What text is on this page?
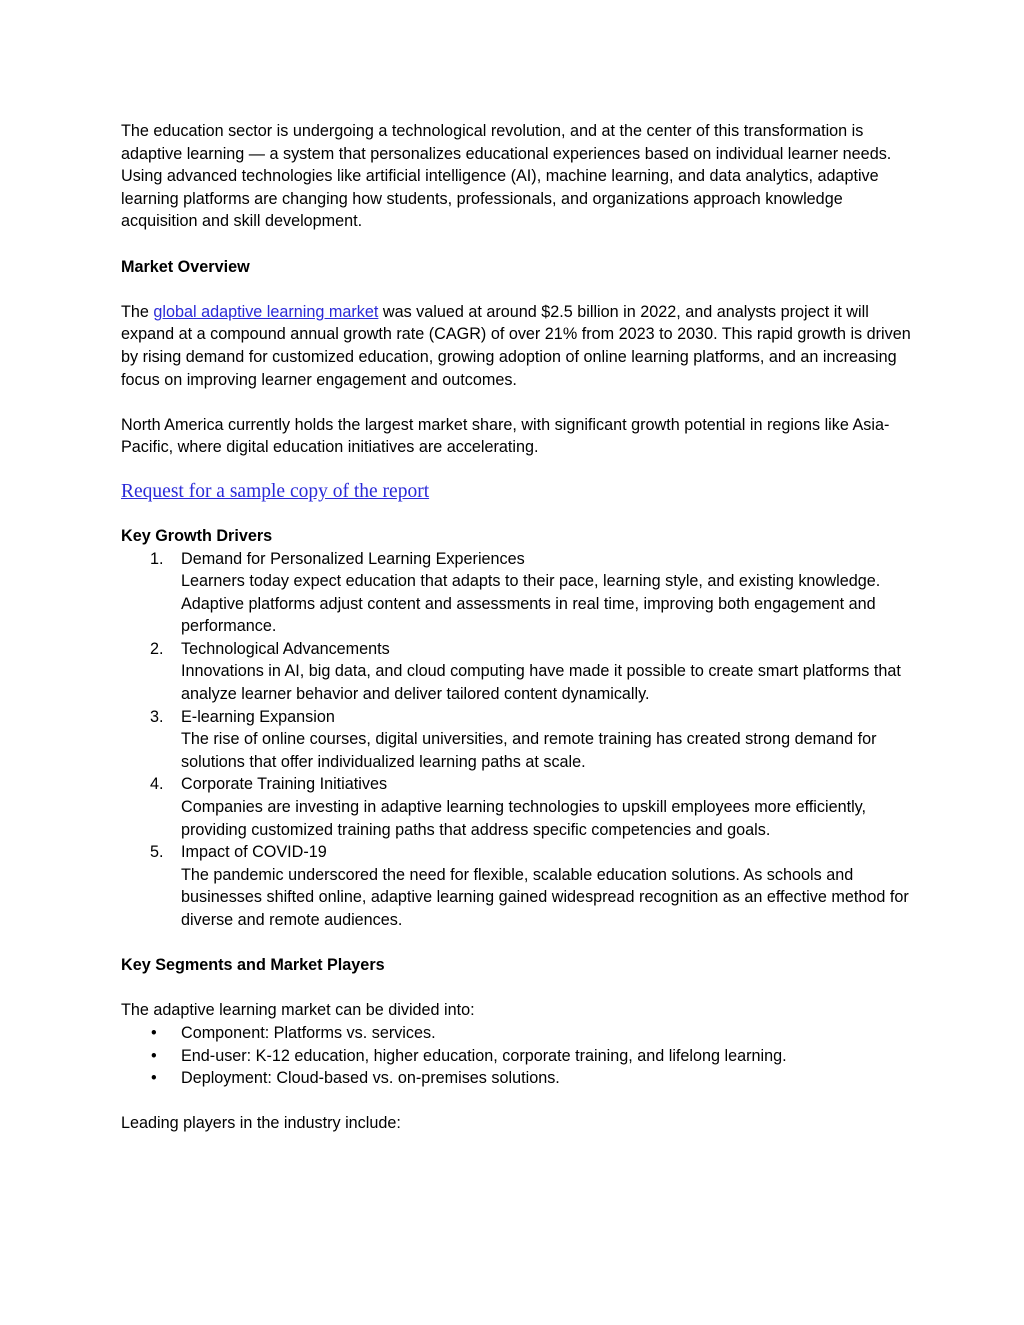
The education sector is undergoing a technological revolution, and at the center of this transformation is adaptive learning — a system that personalizes educational experiences based on individual learner needs. Using advanced technologies like artificial intelligence (AI), machine learning, and data analytics, adaptive learning platforms are changing how students, professionals, and organizations approach knowledge acquisition and skill development.

Market Overview

The global adaptive learning market was valued at around $2.5 billion in 2022, and analysts project it will expand at a compound annual growth rate (CAGR) of over 21% from 2023 to 2030. This rapid growth is driven by rising demand for customized education, growing adoption of online learning platforms, and an increasing focus on improving learner engagement and outcomes.

North America currently holds the largest market share, with significant growth potential in regions like Asia-Pacific, where digital education initiatives are accelerating.

Request for a sample copy of the report

Key Growth Drivers

1. Demand for Personalized Learning Experiences
Learners today expect education that adapts to their pace, learning style, and existing knowledge. Adaptive platforms adjust content and assessments in real time, improving both engagement and performance.
2. Technological Advancements
Innovations in AI, big data, and cloud computing have made it possible to create smart platforms that analyze learner behavior and deliver tailored content dynamically.
3. E-learning Expansion
The rise of online courses, digital universities, and remote training has created strong demand for solutions that offer individualized learning paths at scale.
4. Corporate Training Initiatives
Companies are investing in adaptive learning technologies to upskill employees more efficiently, providing customized training paths that address specific competencies and goals.
5. Impact of COVID-19
The pandemic underscored the need for flexible, scalable education solutions. As schools and businesses shifted online, adaptive learning gained widespread recognition as an effective method for diverse and remote audiences.

Key Segments and Market Players

The adaptive learning market can be divided into:

• Component: Platforms vs. services.
• End-user: K-12 education, higher education, corporate training, and lifelong learning.
• Deployment: Cloud-based vs. on-premises solutions.

Leading players in the industry include:
